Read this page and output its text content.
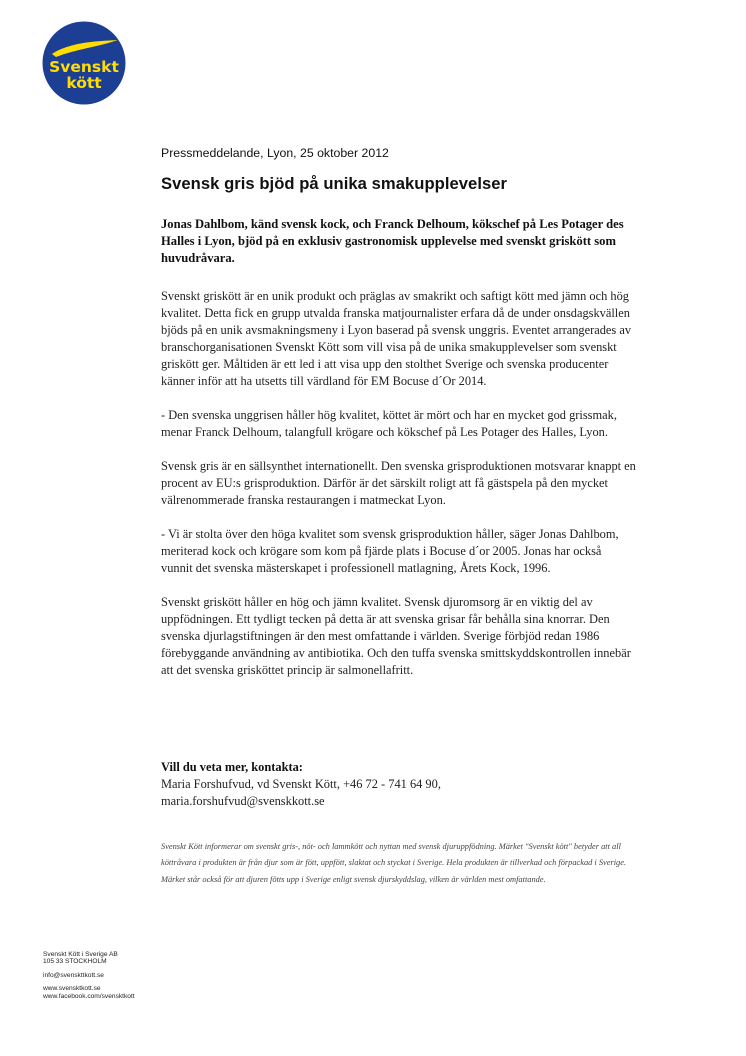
Svenskt
kött
Pressmeddelande, Lyon, 25 oktober 2012
Svensk gris bjöd på unika smakupplevelser

Jonas Dahlbom, känd svensk kock, och Franck Delhoum, kökschef på Les Potager des Halles i Lyon, bjöd på en exklusiv gastronomisk upplevelse med svenskt griskött som huvudråvara.

Svenskt griskött är en unik produkt och präglas av smakrikt och saftigt kött med jämn och hög kvalitet. Detta fick en grupp utvalda franska matjournalister erfara då de under onsdagskvällen bjöds på en unik avsmakningsmeny i Lyon baserad på svensk unggris. Eventet arrangerades av branschorganisationen Svenskt Kött som vill visa på de unika smakupplevelser som svenskt griskött ger. Måltiden är ett led i att visa upp den stolthet Sverige och svenska producenter känner inför att ha utsetts till värdland för EM Bocuse d´Or 2014.

- Den svenska unggrisen håller hög kvalitet, köttet är mört och har en mycket god grissmak, menar Franck Delhoum, talangfull krögare och kökschef på Les Potager des Halles, Lyon.

Svensk gris är en sällsynthet internationellt. Den svenska grisproduktionen motsvarar knappt en procent av EU:s grisproduktion. Därför är det särskilt roligt att få gästspela på den mycket välrenommerade franska restaurangen i matmeckat Lyon.

- Vi är stolta över den höga kvalitet som svensk grisproduktion håller, säger Jonas Dahlbom, meriterad kock och krögare som kom på fjärde plats i Bocuse d´or 2005. Jonas har också vunnit det svenska mästerskapet i professionell matlagning, Årets Kock, 1996.

Svenskt griskött håller en hög och jämn kvalitet. Svensk djuromsorg är en viktig del av uppfödningen. Ett tydligt tecken på detta är att svenska grisar får behålla sina knorrar. Den svenska djurlagstiftningen är den mest omfattande i världen. Sverige förbjöd redan 1986 förebyggande användning av antibiotika. Och den tuffa svenska smittskyddskontrollen innebär att det svenska grisköttet princip är salmonellafritt.

Vill du veta mer, kontakta:
Maria Forshufvud, vd Svenskt Kött, +46 72 - 741 64 90,
maria.forshufvud@svenskkott.se

Svenskt Kött informerar om svenskt gris-, nöt- och lammkött och nyttan med svensk djuruppfödning. Märket "Svenskt kött" betyder att all köttråvara i produkten är från djur som är fött, uppfött, slaktat och styckat i Sverige. Hela produkten är tillverkad och förpackad i Sverige. Märket står också för att djuren fötts upp i Sverige enligt svensk djurskyddslag, vilken är världen mest omfattande.

Svenskt Kött i Sverige AB
105 33 STOCKHOLM
info@svenskttkott.se
www.svensktkott.se
www.facebook.com/svensktkott
